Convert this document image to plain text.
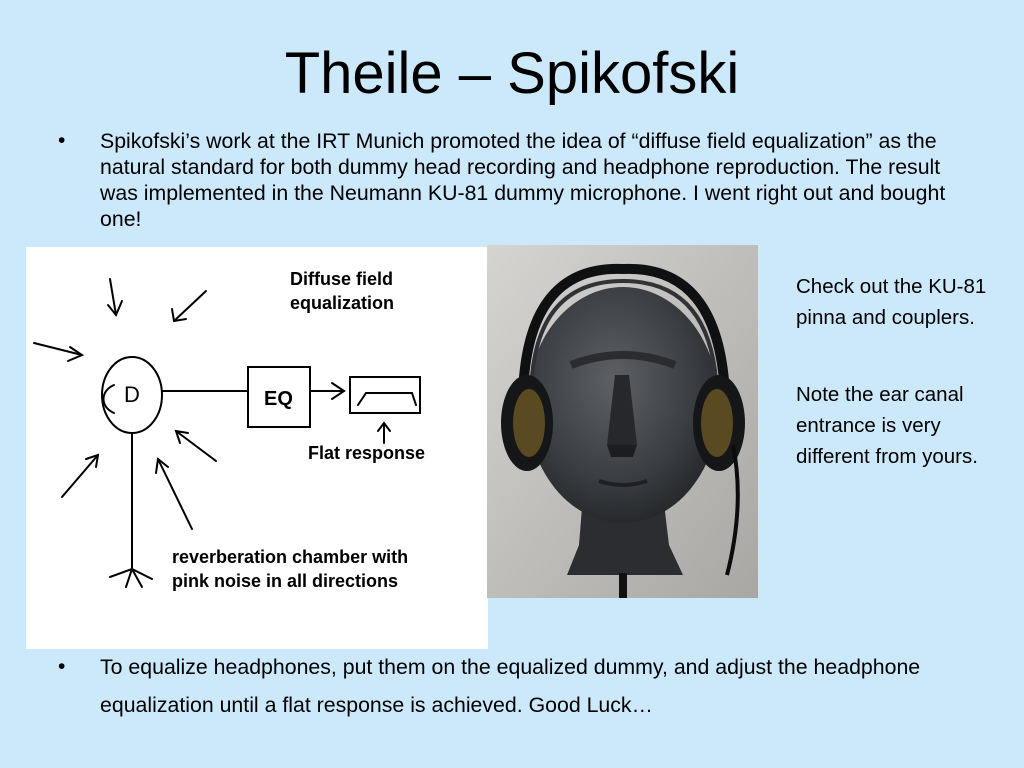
Theile – Spikofski
• Spikofski’s work at the IRT Munich promoted the idea of “diffuse field equalization” as the natural standard for both dummy head recording and headphone reproduction. The result was implemented in the Neumann KU-81 dummy microphone. I went right out and bought one!
Diffuse field
equalization
EQ
D
Flat response
reverberation chamber with
pink noise in all directions
Check out the KU-81 pinna and couplers.
Note the ear canal entrance is very different from yours.
• To equalize headphones, put them on the equalized dummy, and adjust the headphone equalization until a flat response is achieved. Good Luck…
